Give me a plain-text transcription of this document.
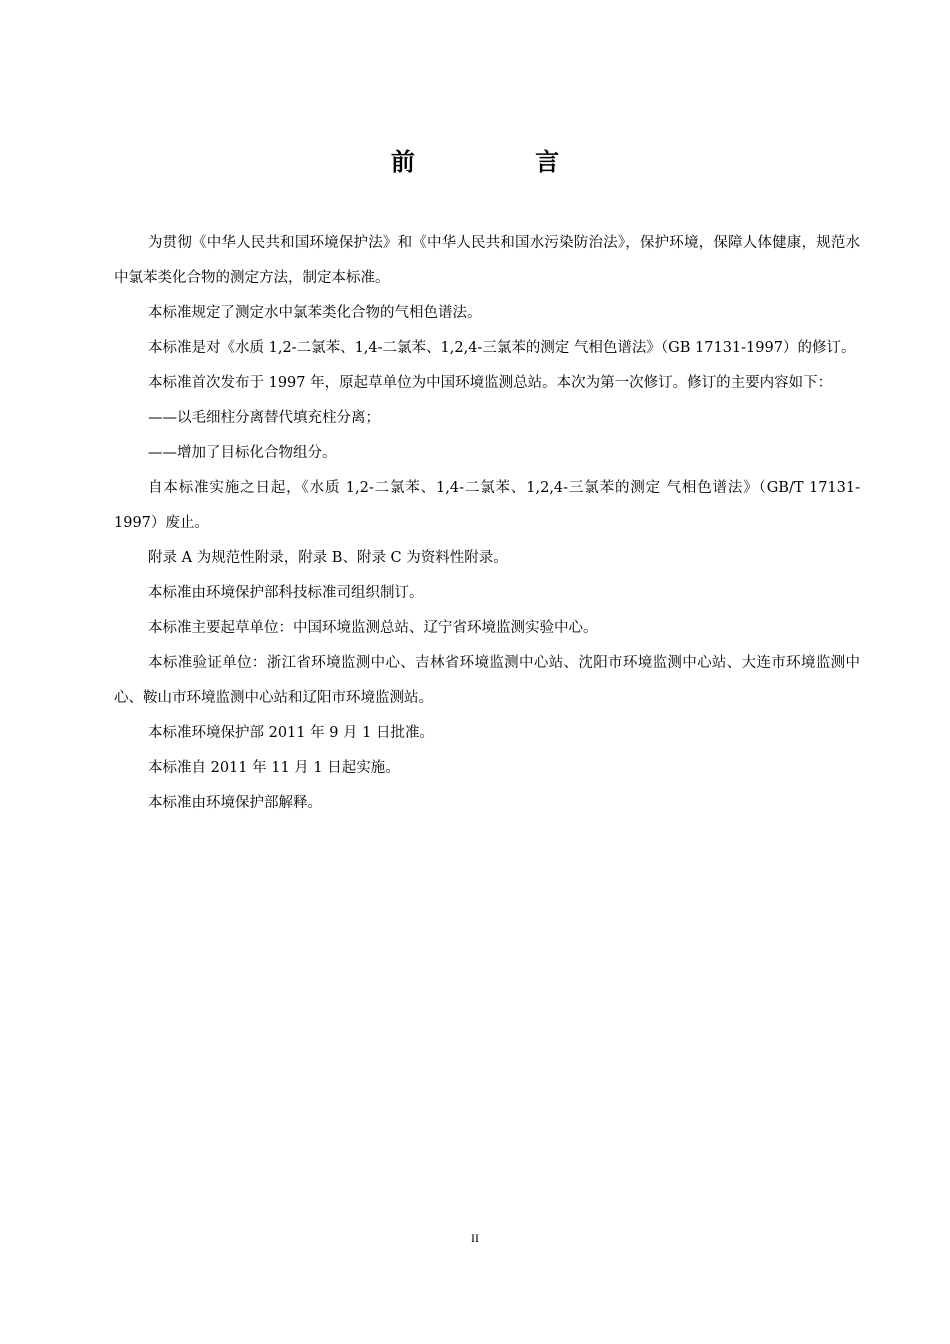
前 言

为贯彻《中华人民共和国环境保护法》和《中华人民共和国水污染防治法》，保护环境，保障人体健康，规范水中氯苯类化合物的测定方法，制定本标准。

本标准规定了测定水中氯苯类化合物的气相色谱法。

本标准是对《水质 1,2-二氯苯、1,4-二氯苯、1,2,4-三氯苯的测定 气相色谱法》（GB 17131-1997）的修订。

本标准首次发布于 1997 年，原起草单位为中国环境监测总站。本次为第一次修订。修订的主要内容如下：

——以毛细柱分离替代填充柱分离；

——增加了目标化合物组分。

自本标准实施之日起，《水质 1,2-二氯苯、1,4-二氯苯、1,2,4-三氯苯的测定 气相色谱法》（GB/T 17131-1997）废止。

附录 A 为规范性附录，附录 B、附录 C 为资料性附录。

本标准由环境保护部科技标准司组织制订。

本标准主要起草单位：中国环境监测总站、辽宁省环境监测实验中心。

本标准验证单位：浙江省环境监测中心、吉林省环境监测中心站、沈阳市环境监测中心站、大连市环境监测中心、鞍山市环境监测中心站和辽阳市环境监测站。

本标准环境保护部 2011 年 9 月 1 日批准。

本标准自 2011 年 11 月 1 日起实施。

本标准由环境保护部解释。

II
